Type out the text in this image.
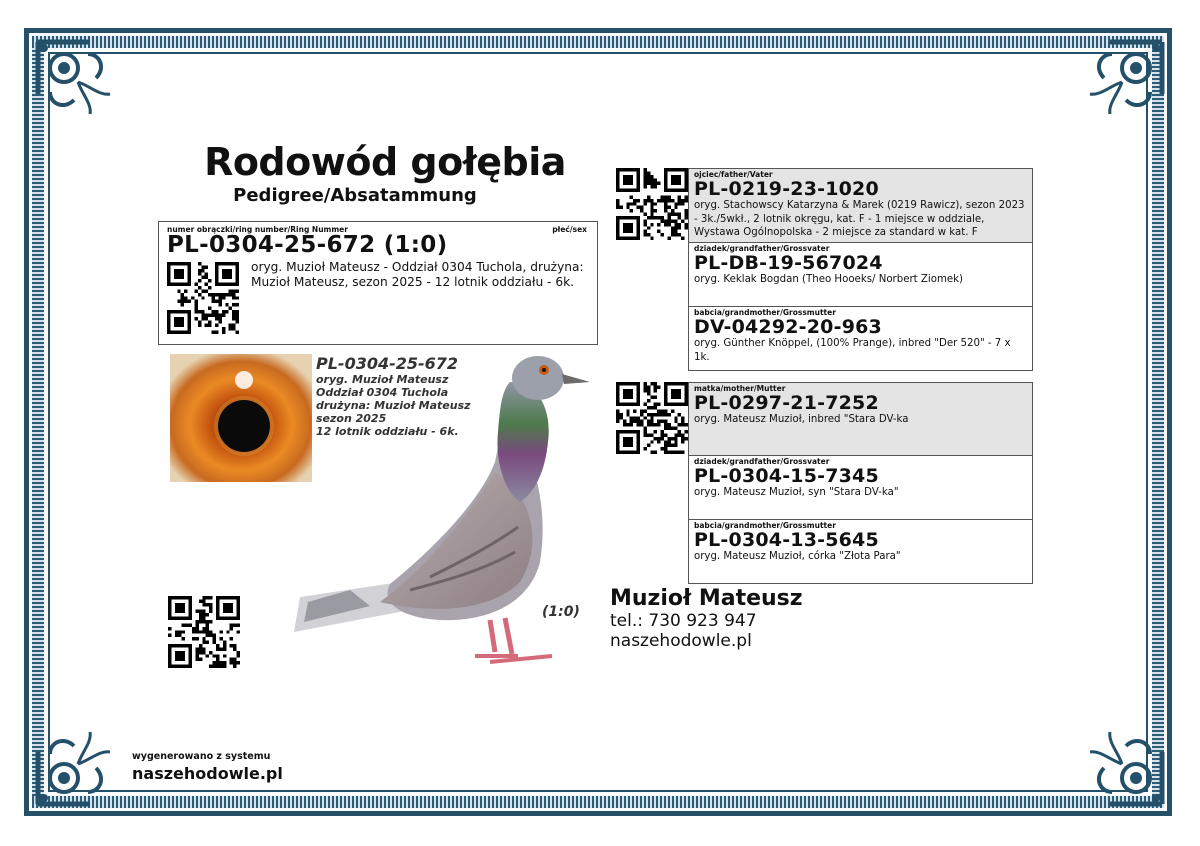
Rodowód gołębia
Pedigree/Absatammung
numer obrączki/ring number/Ring Nummer	płeć/sex
PL-0304-25-672 (1:0)
oryg. Muzioł Mateusz - Oddział 0304 Tuchola, drużyna: Muzioł Mateusz, sezon 2025 - 12 lotnik oddziału - 6k.
PL-0304-25-672
oryg. Muzioł Mateusz
Oddział 0304 Tuchola
drużyna: Muzioł Mateusz
sezon 2025
12 lotnik oddziału - 6k.
(1:0)
ojciec/father/Vater
PL-0219-23-1020
oryg. Stachowscy Katarzyna & Marek (0219 Rawicz), sezon 2023 - 3k./5wkł., 2 lotnik okręgu, kat. F - 1 miejsce w oddziale, Wystawa Ogólnopolska - 2 miejsce za standard w kat. F
dziadek/grandfather/Grossvater
PL-DB-19-567024
oryg. Keklak Bogdan (Theo Hooeks/ Norbert Ziomek)
babcia/grandmother/Grossmutter
DV-04292-20-963
oryg. Günther Knöppel, (100% Prange), inbred "Der 520" - 7 x 1k.
matka/mother/Mutter
PL-0297-21-7252
oryg. Mateusz Muzioł, inbred "Stara DV-ka
dziadek/grandfather/Grossvater
PL-0304-15-7345
oryg. Mateusz Muzioł, syn "Stara DV-ka"
babcia/grandmother/Grossmutter
PL-0304-13-5645
oryg. Mateusz Muzioł, córka "Złota Para"
Muzioł Mateusz
tel.: 730 923 947
naszehodowle.pl
wygenerowano z systemu
naszehodowle.pl
